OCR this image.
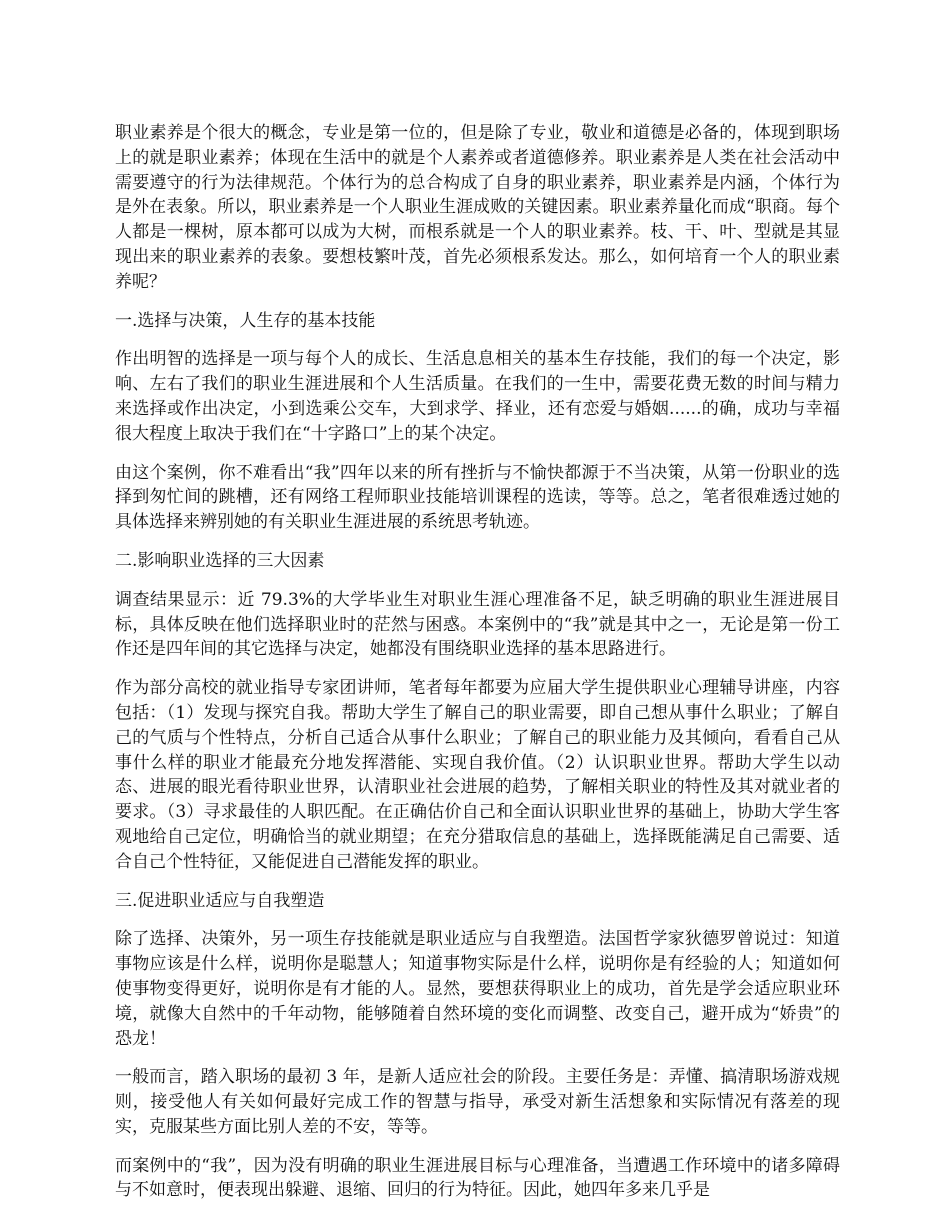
职业素养是个很大的概念，专业是第一位的，但是除了专业，敬业和道德是必备的，体现到职场上的就是职业素养；体现在生活中的就是个人素养或者道德修养。职业素养是人类在社会活动中需要遵守的行为法律规范。个体行为的总合构成了自身的职业素养，职业素养是内涵，个体行为是外在表象。所以，职业素养是一个人职业生涯成败的关键因素。职业素养量化而成“职商。每个人都是一棵树，原本都可以成为大树，而根系就是一个人的职业素养。枝、干、叶、型就是其显现出来的职业素养的表象。要想枝繁叶茂，首先必须根系发达。那么，如何培育一个人的职业素养呢？

一.选择与决策，人生存的基本技能

作出明智的选择是一项与每个人的成长、生活息息相关的基本生存技能，我们的每一个决定，影响、左右了我们的职业生涯进展和个人生活质量。在我们的一生中，需要花费无数的时间与精力来选择或作出决定，小到选乘公交车，大到求学、择业，还有恋爱与婚姻......的确，成功与幸福很大程度上取决于我们在“十字路口”上的某个决定。

由这个案例，你不难看出“我”四年以来的所有挫折与不愉快都源于不当决策，从第一份职业的选择到匆忙间的跳槽，还有网络工程师职业技能培训课程的选读，等等。总之，笔者很难透过她的具体选择来辨别她的有关职业生涯进展的系统思考轨迹。

二.影响职业选择的三大因素

调查结果显示：近 79.3%的大学毕业生对职业生涯心理准备不足，缺乏明确的职业生涯进展目标，具体反映在他们选择职业时的茫然与困惑。本案例中的“我”就是其中之一，无论是第一份工作还是四年间的其它选择与决定，她都没有围绕职业选择的基本思路进行。

作为部分高校的就业指导专家团讲师，笔者每年都要为应届大学生提供职业心理辅导讲座，内容包括：（1）发现与探究自我。帮助大学生了解自己的职业需要，即自己想从事什么职业；了解自己的气质与个性特点，分析自己适合从事什么职业；了解自己的职业能力及其倾向，看看自己从事什么样的职业才能最充分地发挥潜能、实现自我价值。（2）认识职业世界。帮助大学生以动态、进展的眼光看待职业世界，认清职业社会进展的趋势，了解相关职业的特性及其对就业者的要求。（3）寻求最佳的人职匹配。在正确估价自己和全面认识职业世界的基础上，协助大学生客观地给自己定位，明确恰当的就业期望；在充分猎取信息的基础上，选择既能满足自己需要、适合自己个性特征，又能促进自己潜能发挥的职业。

三.促进职业适应与自我塑造

除了选择、决策外，另一项生存技能就是职业适应与自我塑造。法国哲学家狄德罗曾说过：知道事物应该是什么样，说明你是聪慧人；知道事物实际是什么样，说明你是有经验的人；知道如何使事物变得更好，说明你是有才能的人。显然，要想获得职业上的成功，首先是学会适应职业环境，就像大自然中的千年动物，能够随着自然环境的变化而调整、改变自己，避开成为“娇贵”的恐龙！

一般而言，踏入职场的最初 3 年，是新人适应社会的阶段。主要任务是：弄懂、搞清职场游戏规则，接受他人有关如何最好完成工作的智慧与指导，承受对新生活想象和实际情况有落差的现实，克服某些方面比别人差的不安，等等。

而案例中的“我”，因为没有明确的职业生涯进展目标与心理准备，当遭遇工作环境中的诸多障碍与不如意时，便表现出躲避、退缩、回归的行为特征。因此，她四年多来几乎是
